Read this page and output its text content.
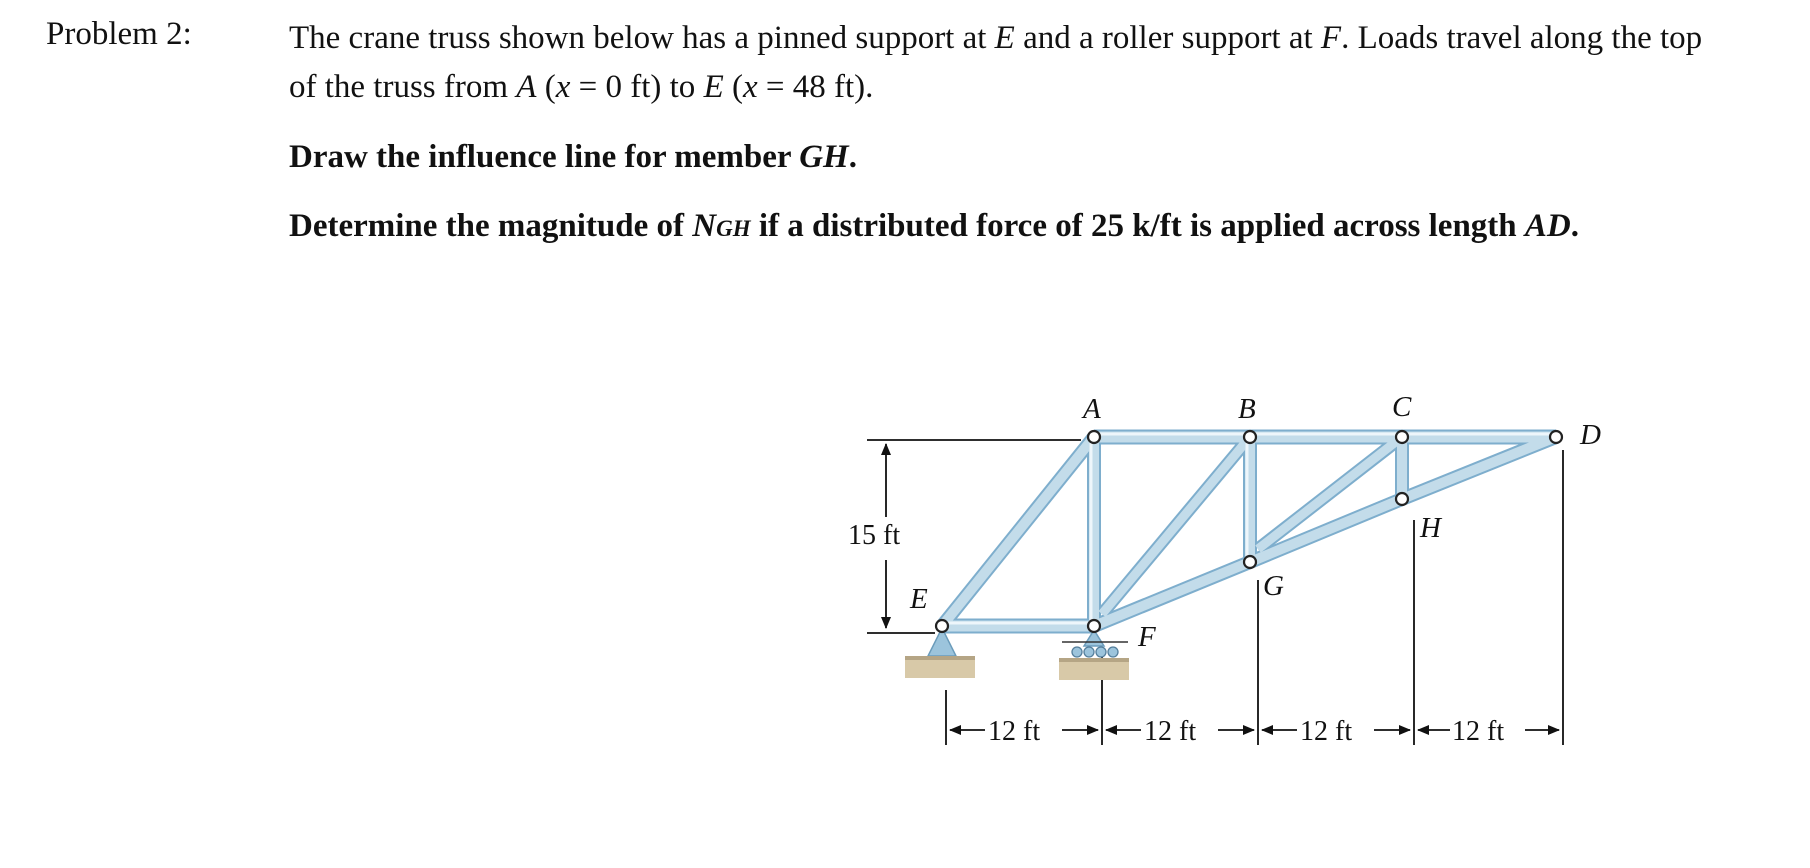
Problem 2:	The crane truss shown below has a pinned support at E and a roller support at F. Loads travel along the top of the truss from A (x = 0 ft) to E (x = 48 ft).
Draw the influence line for member GH.
Determine the magnitude of NGH if a distributed force of 25 k/ft is applied across length AD.
A	B	C
D
E
F
G
H
15 ft
12 ft	12 ft	12 ft	12 ft
